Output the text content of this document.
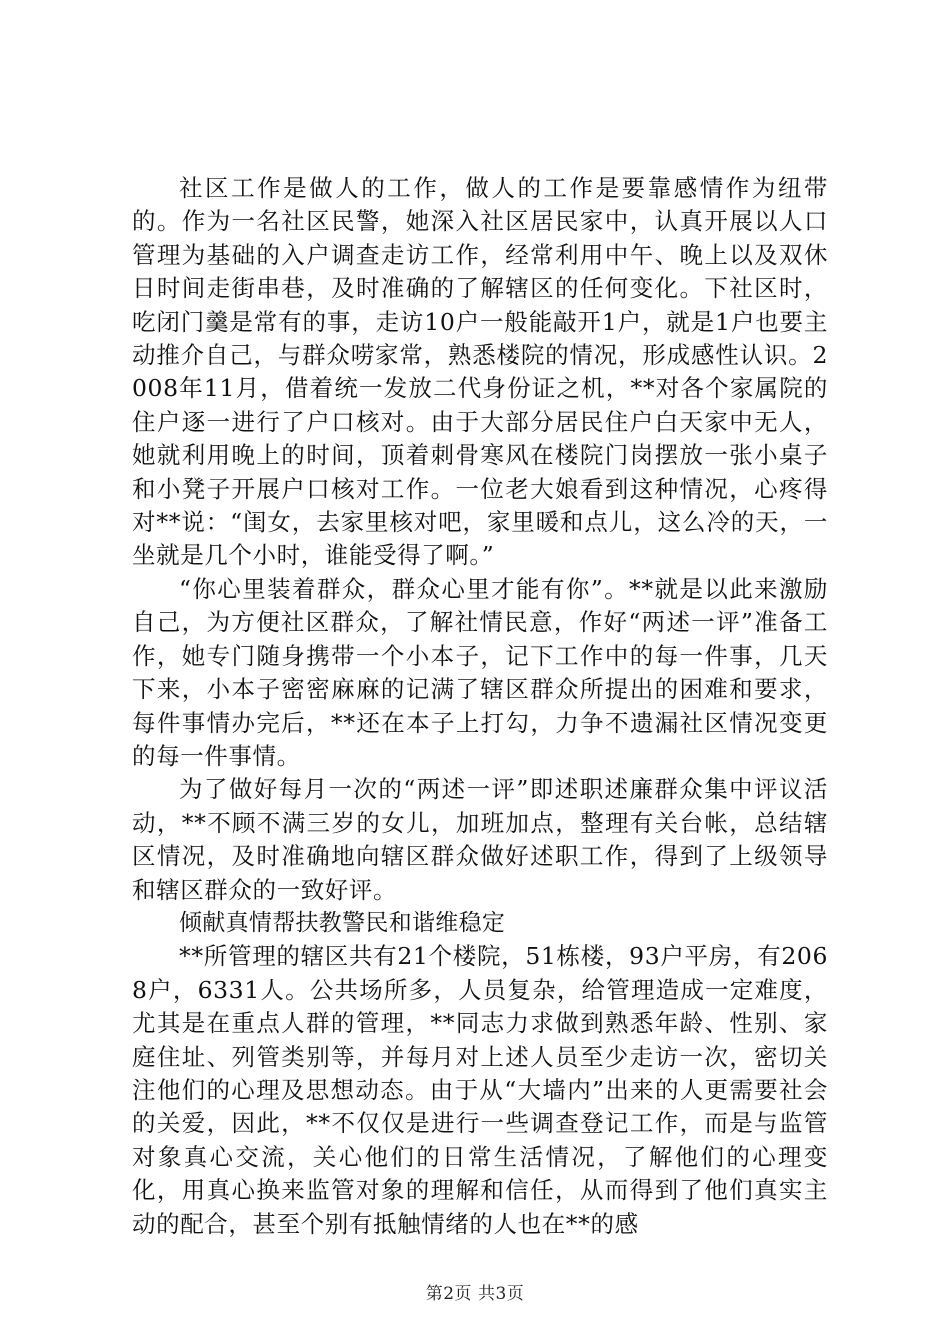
社区工作是做人的工作，做人的工作是要靠感情作为纽带的。作为一名社区民警，她深入社区居民家中，认真开展以人口管理为基础的入户调查走访工作，经常利用中午、晚上以及双休日时间走街串巷，及时准确的了解辖区的任何变化。下社区时，吃闭门羹是常有的事，走访10户一般能敲开1户，就是1户也要主动推介自己，与群众唠家常，熟悉楼院的情况，形成感性认识。2008年11月，借着统一发放二代身份证之机，**对各个家属院的住户逐一进行了户口核对。由于大部分居民住户白天家中无人，她就利用晚上的时间，顶着刺骨寒风在楼院门岗摆放一张小桌子和小凳子开展户口核对工作。一位老大娘看到这种情况，心疼得对**说：“闺女，去家里核对吧，家里暖和点儿，这么冷的天，一坐就是几个小时，谁能受得了啊。”

“你心里装着群众，群众心里才能有你”。**就是以此来激励自己，为方便社区群众，了解社情民意，作好“两述一评”准备工作，她专门随身携带一个小本子，记下工作中的每一件事，几天下来，小本子密密麻麻的记满了辖区群众所提出的困难和要求，每件事情办完后，**还在本子上打勾，力争不遗漏社区情况变更的每一件事情。

为了做好每月一次的“两述一评”即述职述廉群众集中评议活动，**不顾不满三岁的女儿，加班加点，整理有关台帐，总结辖区情况，及时准确地向辖区群众做好述职工作，得到了上级领导和辖区群众的一致好评。

倾献真情帮扶教警民和谐维稳定

**所管理的辖区共有21个楼院，51栋楼，93户平房，有2068户，6331人。公共场所多，人员复杂，给管理造成一定难度，尤其是在重点人群的管理，**同志力求做到熟悉年龄、性别、家庭住址、列管类别等，并每月对上述人员至少走访一次，密切关注他们的心理及思想动态。由于从“大墙内”出来的人更需要社会的关爱，因此，**不仅仅是进行一些调查登记工作，而是与监管对象真心交流，关心他们的日常生活情况，了解他们的心理变化，用真心换来监管对象的理解和信任，从而得到了他们真实主动的配合，甚至个别有抵触情绪的人也在**的感

第2页 共3页
